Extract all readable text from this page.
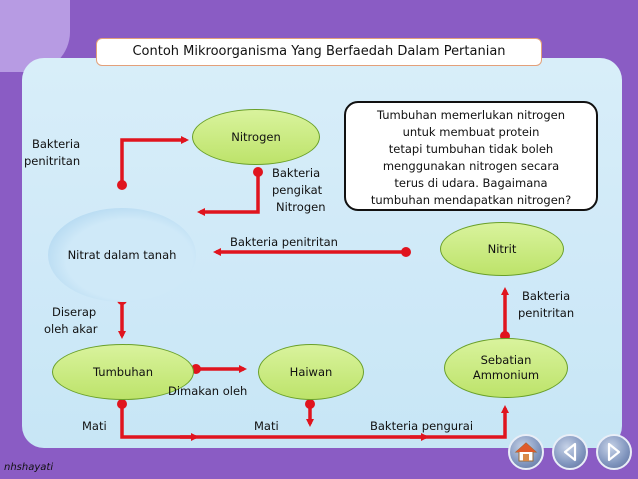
Contoh Mikroorganisma Yang Berfaedah Dalam Pertanian
Nitrogen
Nitrat dalam tanah	Nitrit
Tumbuhan	Haiwan
Sebatian
Ammonium
Tumbuhan memerlukan nitrogen
untuk membuat protein
tetapi tumbuhan tidak boleh
menggunakan nitrogen secara
terus di udara. Bagaimana
tumbuhan mendapatkan nitrogen?
Bakteria
penitritan
Bakteria
pengikat
Nitrogen
Bakteria penitritan
Bakteria
penitritan
Diserap
oleh akar
Dimakan oleh
Mati	Mati	Bakteria pengurai
nhshayati
